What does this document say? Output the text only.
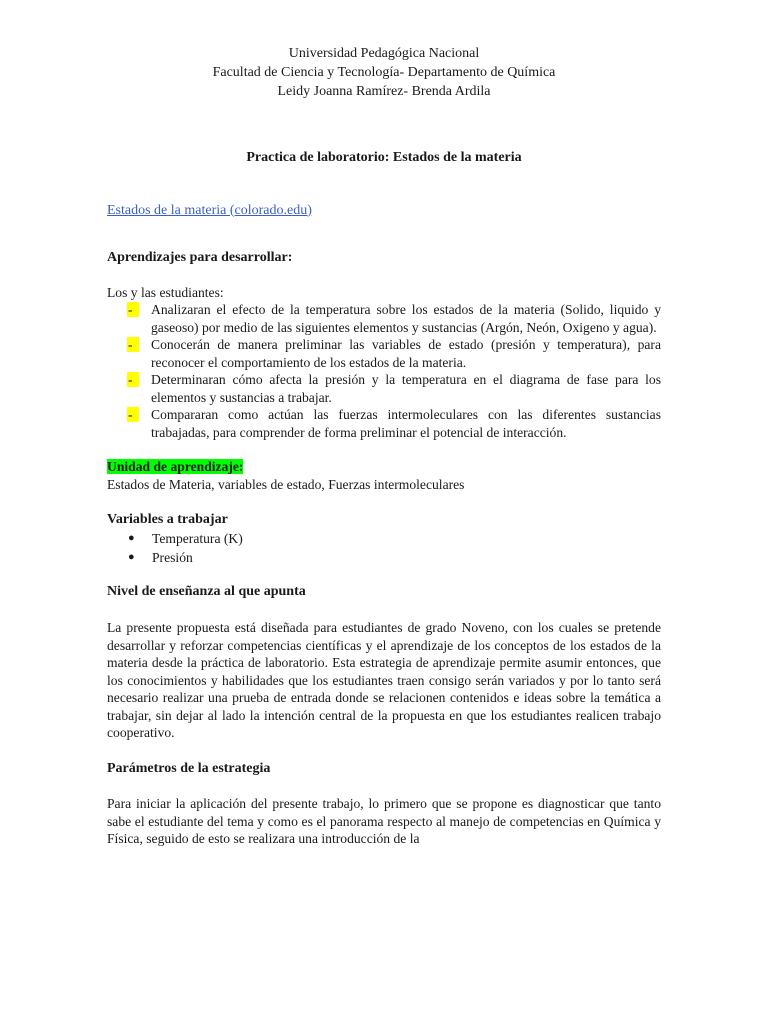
Universidad Pedagógica Nacional
Facultad de Ciencia y Tecnología- Departamento de Química
Leidy Joanna Ramírez- Brenda Ardila
Practica de laboratorio: Estados de la materia
Estados de la materia (colorado.edu)
Aprendizajes para desarrollar:
Los y las estudiantes:
-	Analizaran el efecto de la temperatura sobre los estados de la materia (Solido, liquido y gaseoso) por medio de las siguientes elementos y sustancias (Argón, Neón, Oxigeno y agua).
-	Conocerán de manera preliminar las variables de estado (presión y temperatura), para reconocer el comportamiento de los estados de la materia.
-	Determinaran cómo afecta la presión y la temperatura en el diagrama de fase para los elementos y sustancias a trabajar.
-	Compararan como actúan las fuerzas intermoleculares con las diferentes sustancias trabajadas, para comprender de forma preliminar el potencial de interacción.
Unidad de aprendizaje:
Estados de Materia, variables de estado, Fuerzas intermoleculares
Variables a trabajar
●	Temperatura (K)
●	Presión
Nivel de enseñanza al que apunta

La presente propuesta está diseñada para estudiantes de grado Noveno, con los cuales se pretende desarrollar y reforzar competencias científicas y el aprendizaje de los conceptos de los estados de la materia desde la práctica de laboratorio. Esta estrategia de aprendizaje permite asumir entonces, que los conocimientos y habilidades que los estudiantes traen consigo serán variados y por lo tanto será necesario realizar una prueba de entrada donde se relacionen contenidos e ideas sobre la temática a trabajar, sin dejar al lado la intención central de la propuesta en que los estudiantes realicen trabajo cooperativo.

Parámetros de la estrategia

Para iniciar la aplicación del presente trabajo, lo primero que se propone es diagnosticar que tanto sabe el estudiante del tema y como es el panorama respecto al manejo de competencias en Química y Física, seguido de esto se realizara una introducción de la
